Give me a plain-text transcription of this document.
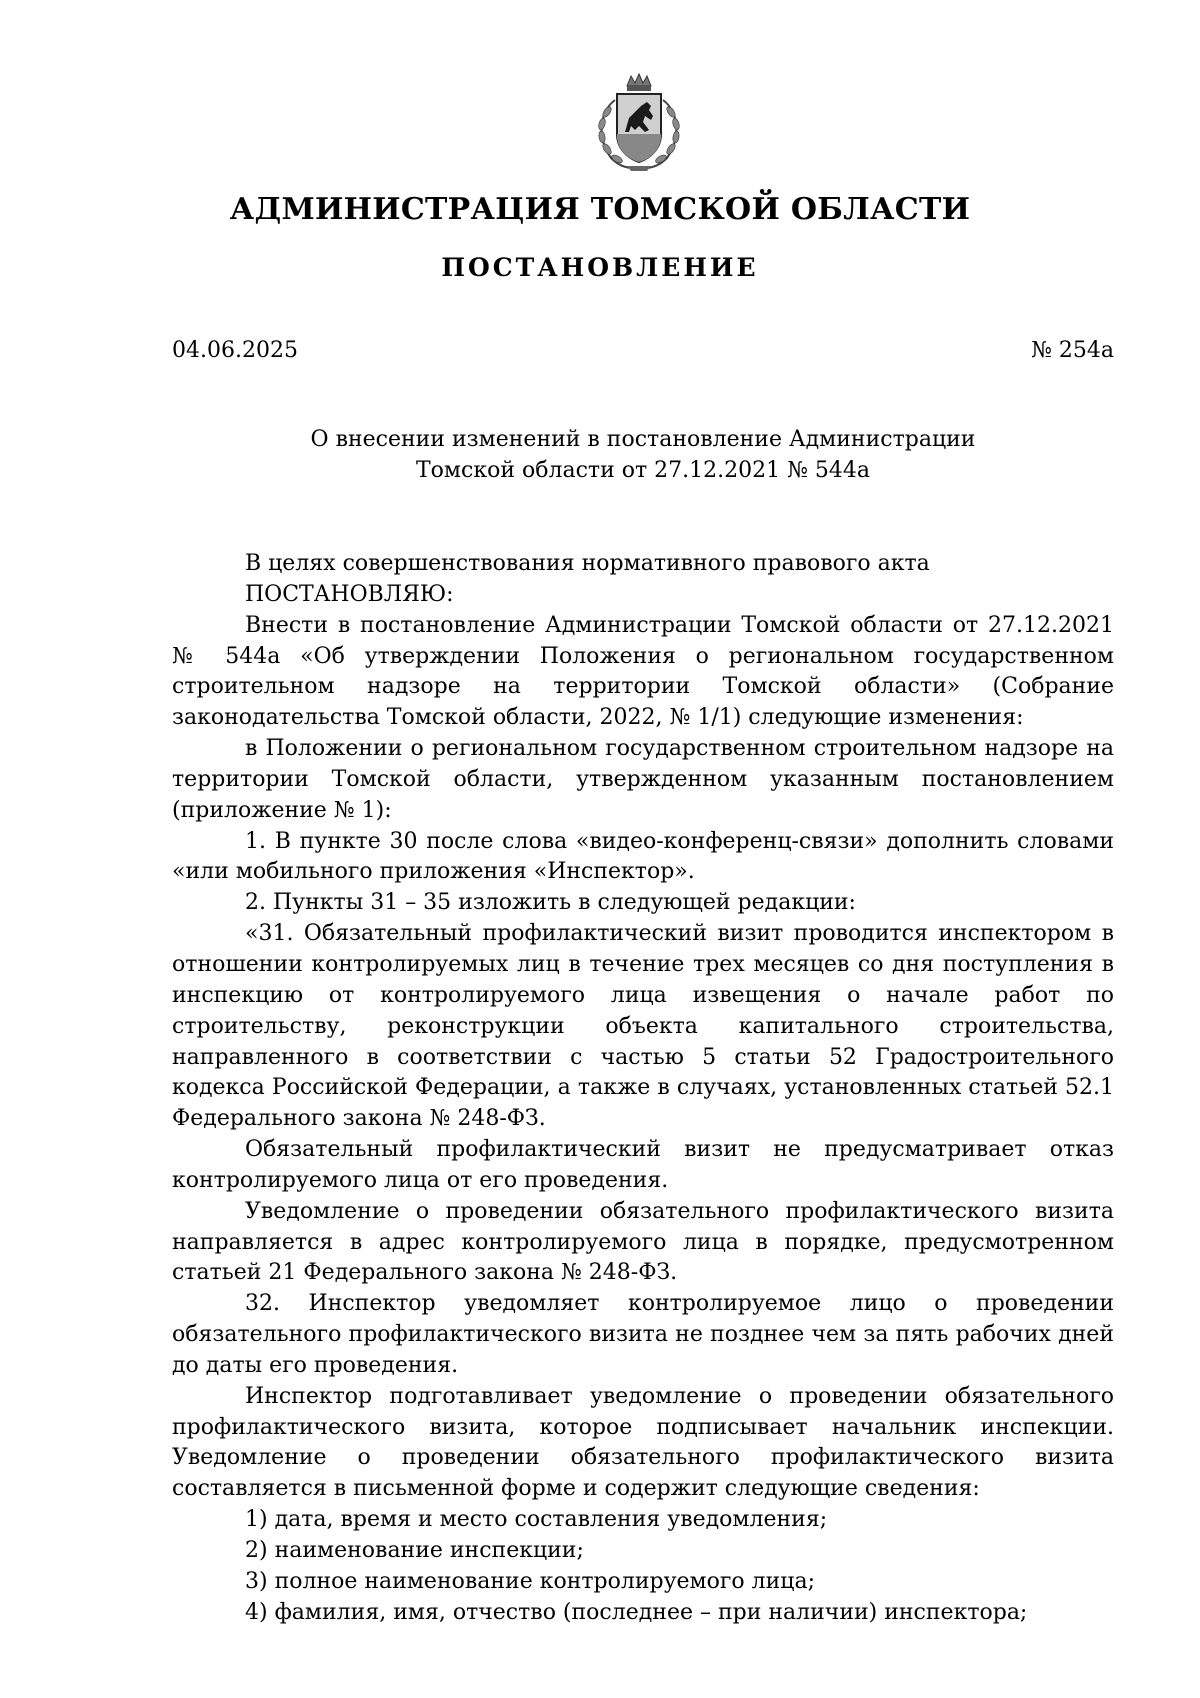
АДМИНИСТРАЦИЯ ТОМСКОЙ ОБЛАСТИ
ПОСТАНОВЛЕНИЕ
04.06.2025	№ 254а
О внесении изменений в постановление Администрации
Томской области от 27.12.2021 № 544а

В целях совершенствования нормативного правового акта

ПОСТАНОВЛЯЮ:

Внести в постановление Администрации Томской области от 27.12.2021 № 544а «Об утверждении Положения о региональном государственном строительном надзоре на территории Томской области» (Собрание законодательства Томской области, 2022, № 1/1) следующие изменения:

в Положении о региональном государственном строительном надзоре на территории Томской области, утвержденном указанным постановлением (приложение № 1):

1. В пункте 30 после слова «видео-конференц-связи» дополнить словами «или мобильного приложения «Инспектор».

2. Пункты 31 – 35 изложить в следующей редакции:

«31. Обязательный профилактический визит проводится инспектором в отношении контролируемых лиц в течение трех месяцев со дня поступления в инспекцию от контролируемого лица извещения о начале работ по строительству, реконструкции объекта капитального строительства, направленного в соответствии с частью 5 статьи 52 Градостроительного кодекса Российской Федерации, а также в случаях, установленных статьей 52.1 Федерального закона № 248-ФЗ.

Обязательный профилактический визит не предусматривает отказ контролируемого лица от его проведения.

Уведомление о проведении обязательного профилактического визита направляется в адрес контролируемого лица в порядке, предусмотренном статьей 21 Федерального закона № 248-ФЗ.

32. Инспектор уведомляет контролируемое лицо о проведении обязательного профилактического визита не позднее чем за пять рабочих дней до даты его проведения.

Инспектор подготавливает уведомление о проведении обязательного профилактического визита, которое подписывает начальник инспекции. Уведомление о проведении обязательного профилактического визита составляется в письменной форме и содержит следующие сведения:

1) дата, время и место составления уведомления;

2) наименование инспекции;

3) полное наименование контролируемого лица;

4) фамилия, имя, отчество (последнее – при наличии) инспектора;
